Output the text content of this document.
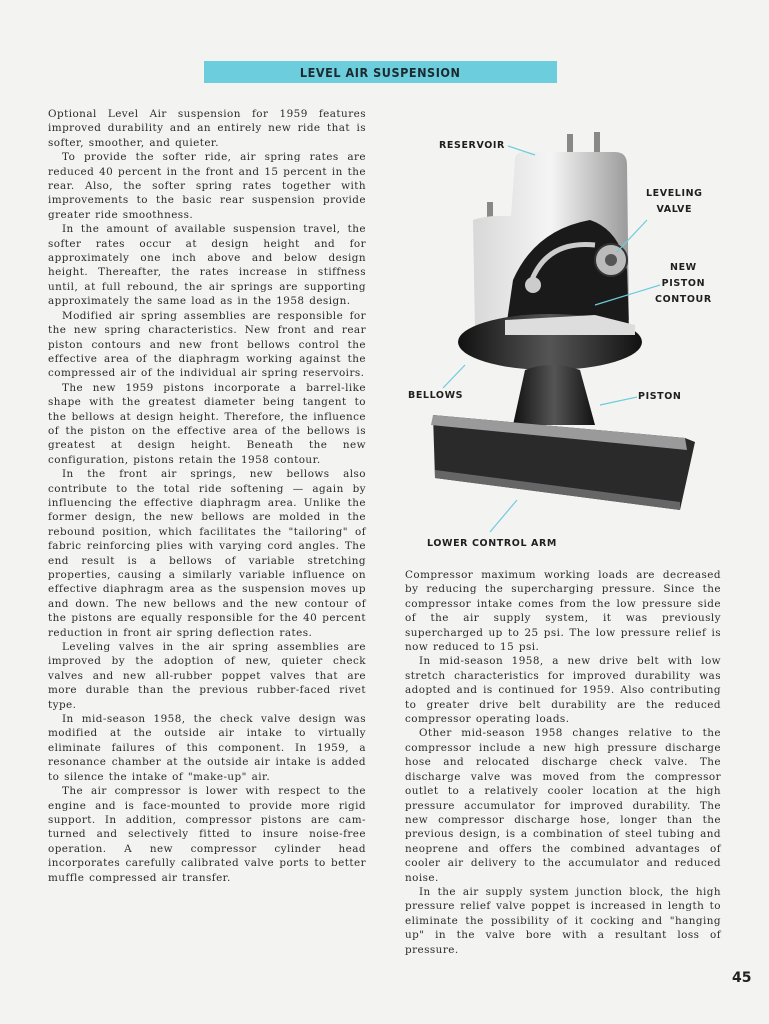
LEVEL AIR SUSPENSION

Optional Level Air suspension for 1959 features improved durability and an entirely new ride that is softer, smoother, and quieter.

To provide the softer ride, air spring rates are reduced 40 percent in the front and 15 percent in the rear. Also, the softer spring rates together with improvements to the basic rear suspension provide greater ride smoothness.

In the amount of available suspension travel, the softer rates occur at design height and for approximately one inch above and below design height. Thereafter, the rates increase in stiffness until, at full rebound, the air springs are supporting approximately the same load as in the 1958 design.

Modified air spring assemblies are responsible for the new spring characteristics. New front and rear piston contours and new front bellows control the effective area of the diaphragm working against the compressed air of the individual air spring reservoirs.

The new 1959 pistons incorporate a barrel-like shape with the greatest diameter being tangent to the bellows at design height. Therefore, the influence of the piston on the effective area of the bellows is greatest at design height. Beneath the new configuration, pistons retain the 1958 contour.

In the front air springs, new bellows also contribute to the total ride softening — again by influencing the effective diaphragm area. Unlike the former design, the new bellows are molded in the rebound position, which facilitates the "tailoring" of fabric reinforcing plies with varying cord angles. The end result is a bellows of variable stretching properties, causing a similarly variable influence on effective diaphragm area as the suspension moves up and down. The new bellows and the new contour of the pistons are equally responsible for the 40 percent reduction in front air spring deflection rates.

Leveling valves in the air spring assemblies are improved by the adoption of new, quieter check valves and new all-rubber poppet valves that are more durable than the previous rubber-faced rivet type.

In mid-season 1958, the check valve design was modified at the outside air intake to virtually eliminate failures of this component. In 1959, a resonance chamber at the outside air intake is added to silence the intake of "make-up" air.

The air compressor is lower with respect to the engine and is face-mounted to provide more rigid support. In addition, compressor pistons are cam-turned and selectively fitted to insure noise-free operation. A new compressor cylinder head incorporates carefully calibrated valve ports to better muffle compressed air transfer.

RESERVOIR
LEVELING
VALVE
NEW
PISTON
CONTOUR
BELLOWS	PISTON
LOWER CONTROL ARM

Compressor maximum working loads are decreased by reducing the supercharging pressure. Since the compressor intake comes from the low pressure side of the air supply system, it was previously supercharged up to 25 psi. The low pressure relief is now reduced to 15 psi.

In mid-season 1958, a new drive belt with low stretch characteristics for improved durability was adopted and is continued for 1959. Also contributing to greater drive belt durability are the reduced compressor operating loads.

Other mid-season 1958 changes relative to the compressor include a new high pressure discharge hose and relocated discharge check valve. The discharge valve was moved from the compressor outlet to a relatively cooler location at the high pressure accumulator for improved durability. The new compressor discharge hose, longer than the previous design, is a combination of steel tubing and neoprene and offers the combined advantages of cooler air delivery to the accumulator and reduced noise.

In the air supply system junction block, the high pressure relief valve poppet is increased in length to eliminate the possibility of it cocking and "hanging up" in the valve bore with a resultant loss of pressure.

45
